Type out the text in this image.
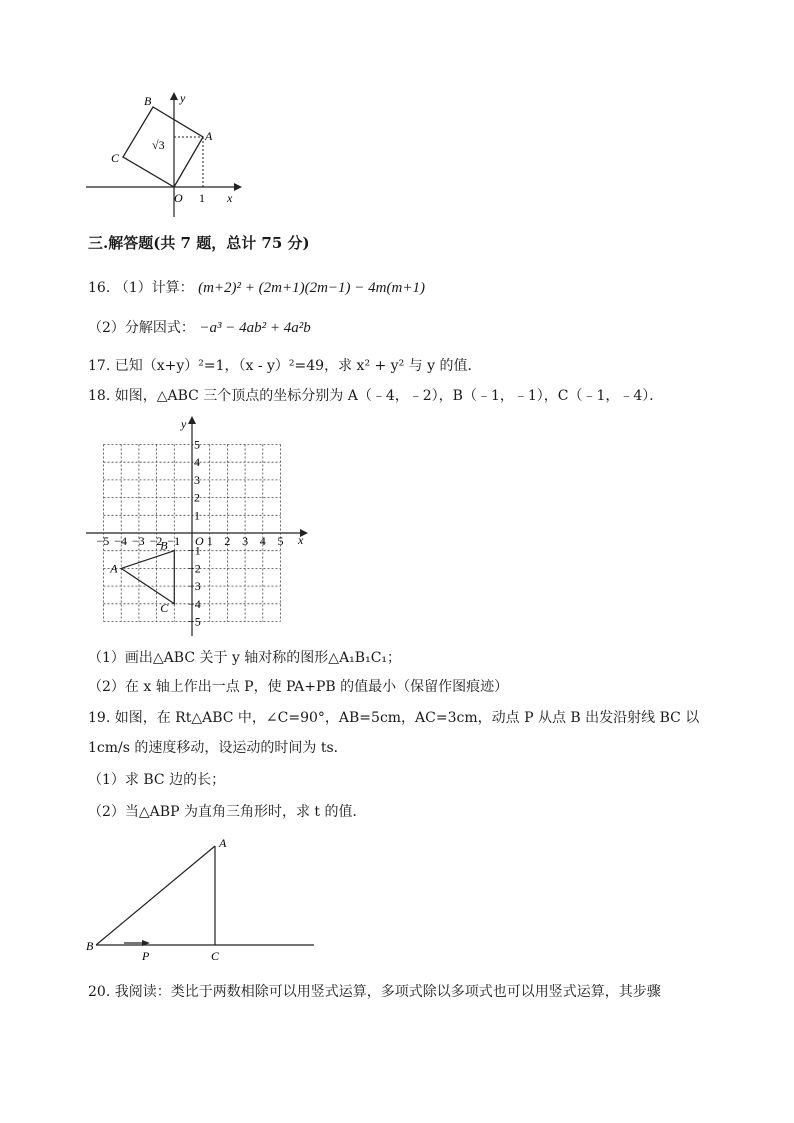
B y
A
C
√3
O 1 x
三.解答题(共 7 题，总计 75 分)
16. （1）计算： (m+2)² + (2m+1)(2m−1) − 4m(m+1)
（2）分解因式： −a³ − 4ab² + 4a²b
17. 已知（x+y）²=1，（x - y）²=49，求 x² + y² 与 y 的值．
18. 如图，△ABC 三个顶点的坐标分别为 A（﹣4，﹣2），B（﹣1，﹣1），C（﹣1，﹣4）．
x
y
O
−5 −4 −3 −2 −1 1 2 3 4 5
5
4
3
2
1
−1
−2
−3
−4
−5
A
B
C
（1）画出△ABC 关于 y 轴对称的图形△A₁B₁C₁；
（2）在 x 轴上作出一点 P，使 PA+PB 的值最小（保留作图痕迹）
19. 如图，在 Rt△ABC 中，∠C=90°，AB=5cm，AC=3cm，动点 P 从点 B 出发沿射线 BC 以
1cm/s 的速度移动，设运动的时间为 ts．
（1）求 BC 边的长；
（2）当△ABP 为直角三角形时，求 t 的值．
A
B
P	C
20. 我阅读：类比于两数相除可以用竖式运算，多项式除以多项式也可以用竖式运算，其步骤
